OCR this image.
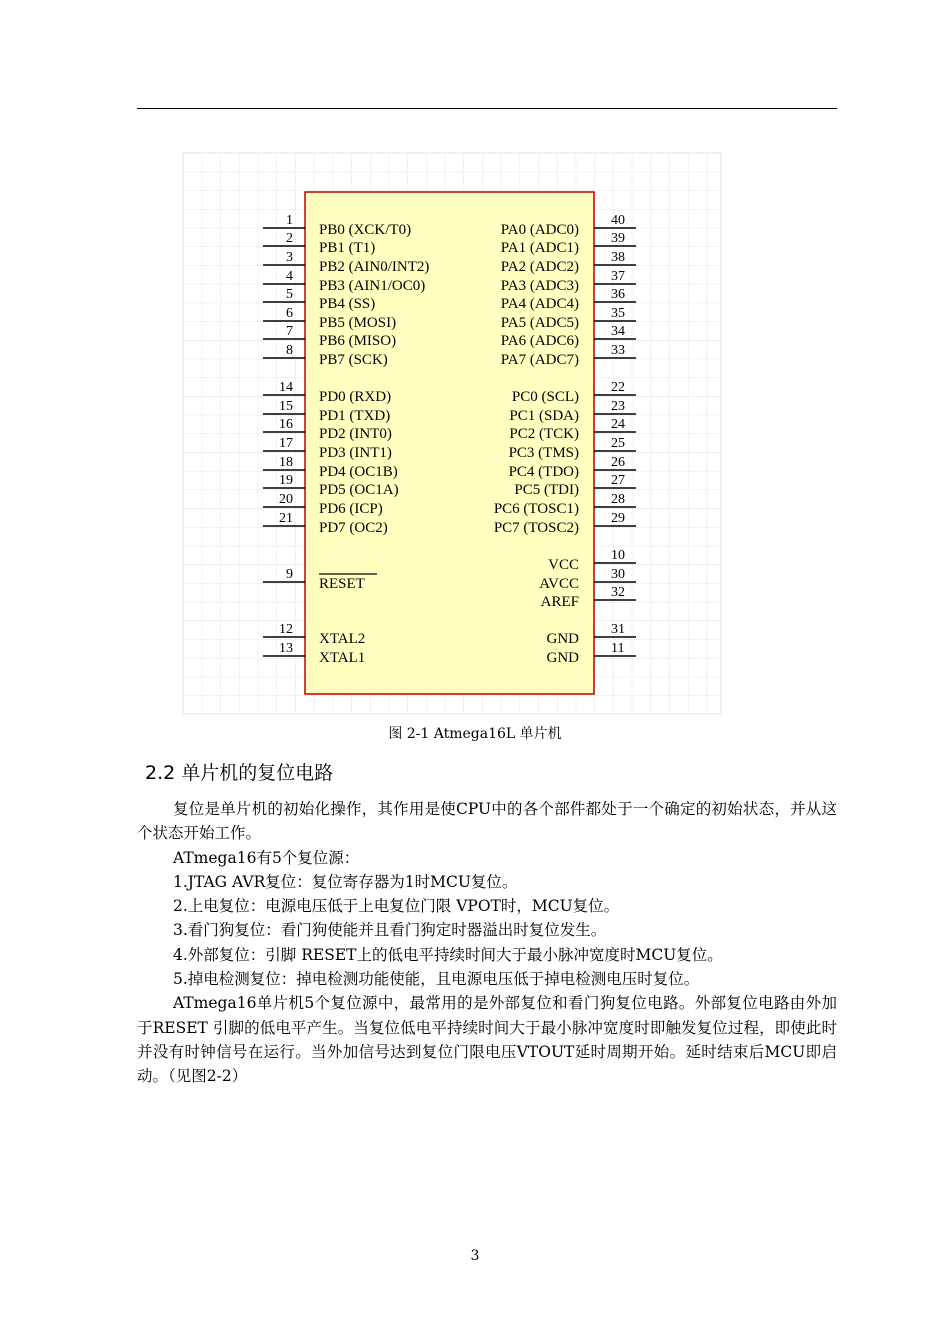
1
PB0 (XCK/T0)
2
PB1 (T1)
3
PB2 (AIN0/INT2)
4
PB3 (AIN1/OC0)
5
PB4 (SS)
6
PB5 (MOSI)
7
PB6 (MISO)
8
PB7 (SCK)
14
PD0 (RXD)
15
PD1 (TXD)
16
PD2 (INT0)
17
PD3 (INT1)
18
PD4 (OC1B)
19
PD5 (OC1A)
20
PD6 (ICP)
21
PD7 (OC2)
9
RESET
12
XTAL2
13
XTAL1
40
PA0 (ADC0)
39
PA1 (ADC1)
38
PA2 (ADC2)
37
PA3 (ADC3)
36
PA4 (ADC4)
35
PA5 (ADC5)
34
PA6 (ADC6)
33
PA7 (ADC7)
22
PC0 (SCL)
23
PC1 (SDA)
24
PC2 (TCK)
25
PC3 (TMS)
26
PC4 (TDO)
27
PC5 (TDI)
28
PC6 (TOSC1)
29
PC7 (TOSC2)
10
VCC
30
AVCC
32
AREF
31
GND
11
GND
图 2-1 Atmega16L 单片机
2.2 单片机的复位电路

复位是单片机的初始化操作，其作用是使CPU中的各个部件都处于一个确定的初始状态，并从这个状态开始工作。

ATmega16有5个复位源：

1.JTAG AVR复位：复位寄存器为1时MCU复位。

2.上电复位：电源电压低于上电复位门限 VPOT时，MCU复位。

3.看门狗复位：看门狗使能并且看门狗定时器溢出时复位发生。

4.外部复位：引脚 RESET上的低电平持续时间大于最小脉冲宽度时MCU复位。

5.掉电检测复位：掉电检测功能使能，且电源电压低于掉电检测电压时复位。

ATmega16单片机5个复位源中，最常用的是外部复位和看门狗复位电路。外部复位电路由外加于RESET 引脚的低电平产生。当复位低电平持续时间大于最小脉冲宽度时即触发复位过程，即使此时并没有时钟信号在运行。当外加信号达到复位门限电压VTOUT延时周期开始。延时结束后MCU即启动。（见图2-2）

3
